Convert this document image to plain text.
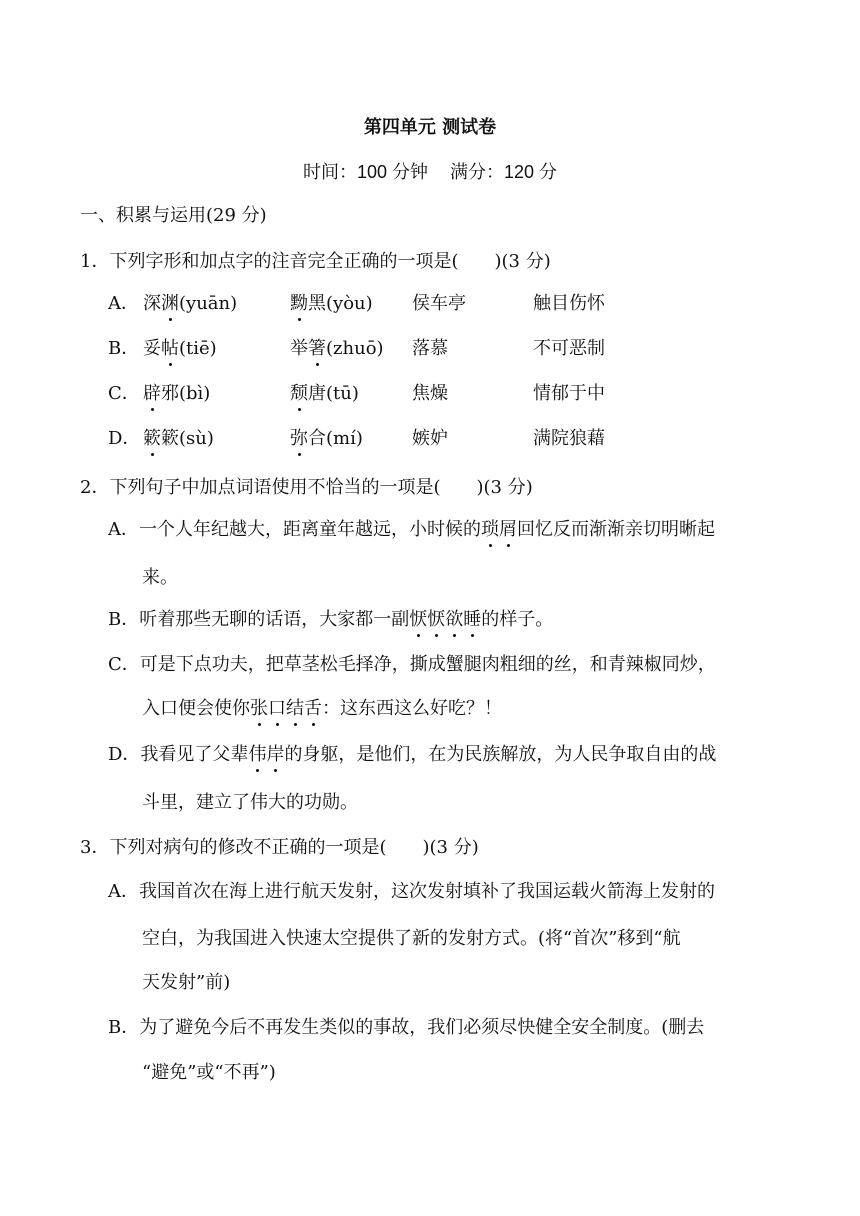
第四单元 测试卷
时间：100 分钟 满分：120 分
一、积累与运用(29 分)
1．下列字形和加点字的注音完全正确的一项是(　　)(3 分)
A． 深渊(yuān)	黝黑(yòu) 侯车亭	触目伤怀
B． 妥帖(tiē)	举箸(zhuō) 落慕	不可恶制
C． 辟邪(bì)	颓唐(tū)	焦燥	情郁于中
D． 簌簌(sù)	弥合(mí)	嫉妒	满院狼藉
2．下列句子中加点词语使用不恰当的一项是(　　)(3 分)
A．一个人年纪越大，距离童年越远，小时候的琐屑回忆反而渐渐亲切明晰起
来。
B．听着那些无聊的话语，大家都一副恹恹欲睡的样子。
C．可是下点功夫，把草茎松毛择净，撕成蟹腿肉粗细的丝，和青辣椒同炒，
入口便会使你张口结舌：这东西这么好吃？！
D．我看见了父辈伟岸的身躯，是他们，在为民族解放，为人民争取自由的战
斗里，建立了伟大的功勋。
3．下列对病句的修改不正确的一项是(　　)(3 分)
A．我国首次在海上进行航天发射，这次发射填补了我国运载火箭海上发射的
空白，为我国进入快速太空提供了新的发射方式。(将“首次”移到“航
天发射”前)
B．为了避免今后不再发生类似的事故，我们必须尽快健全安全制度。(删去
“避免”或“不再”)
